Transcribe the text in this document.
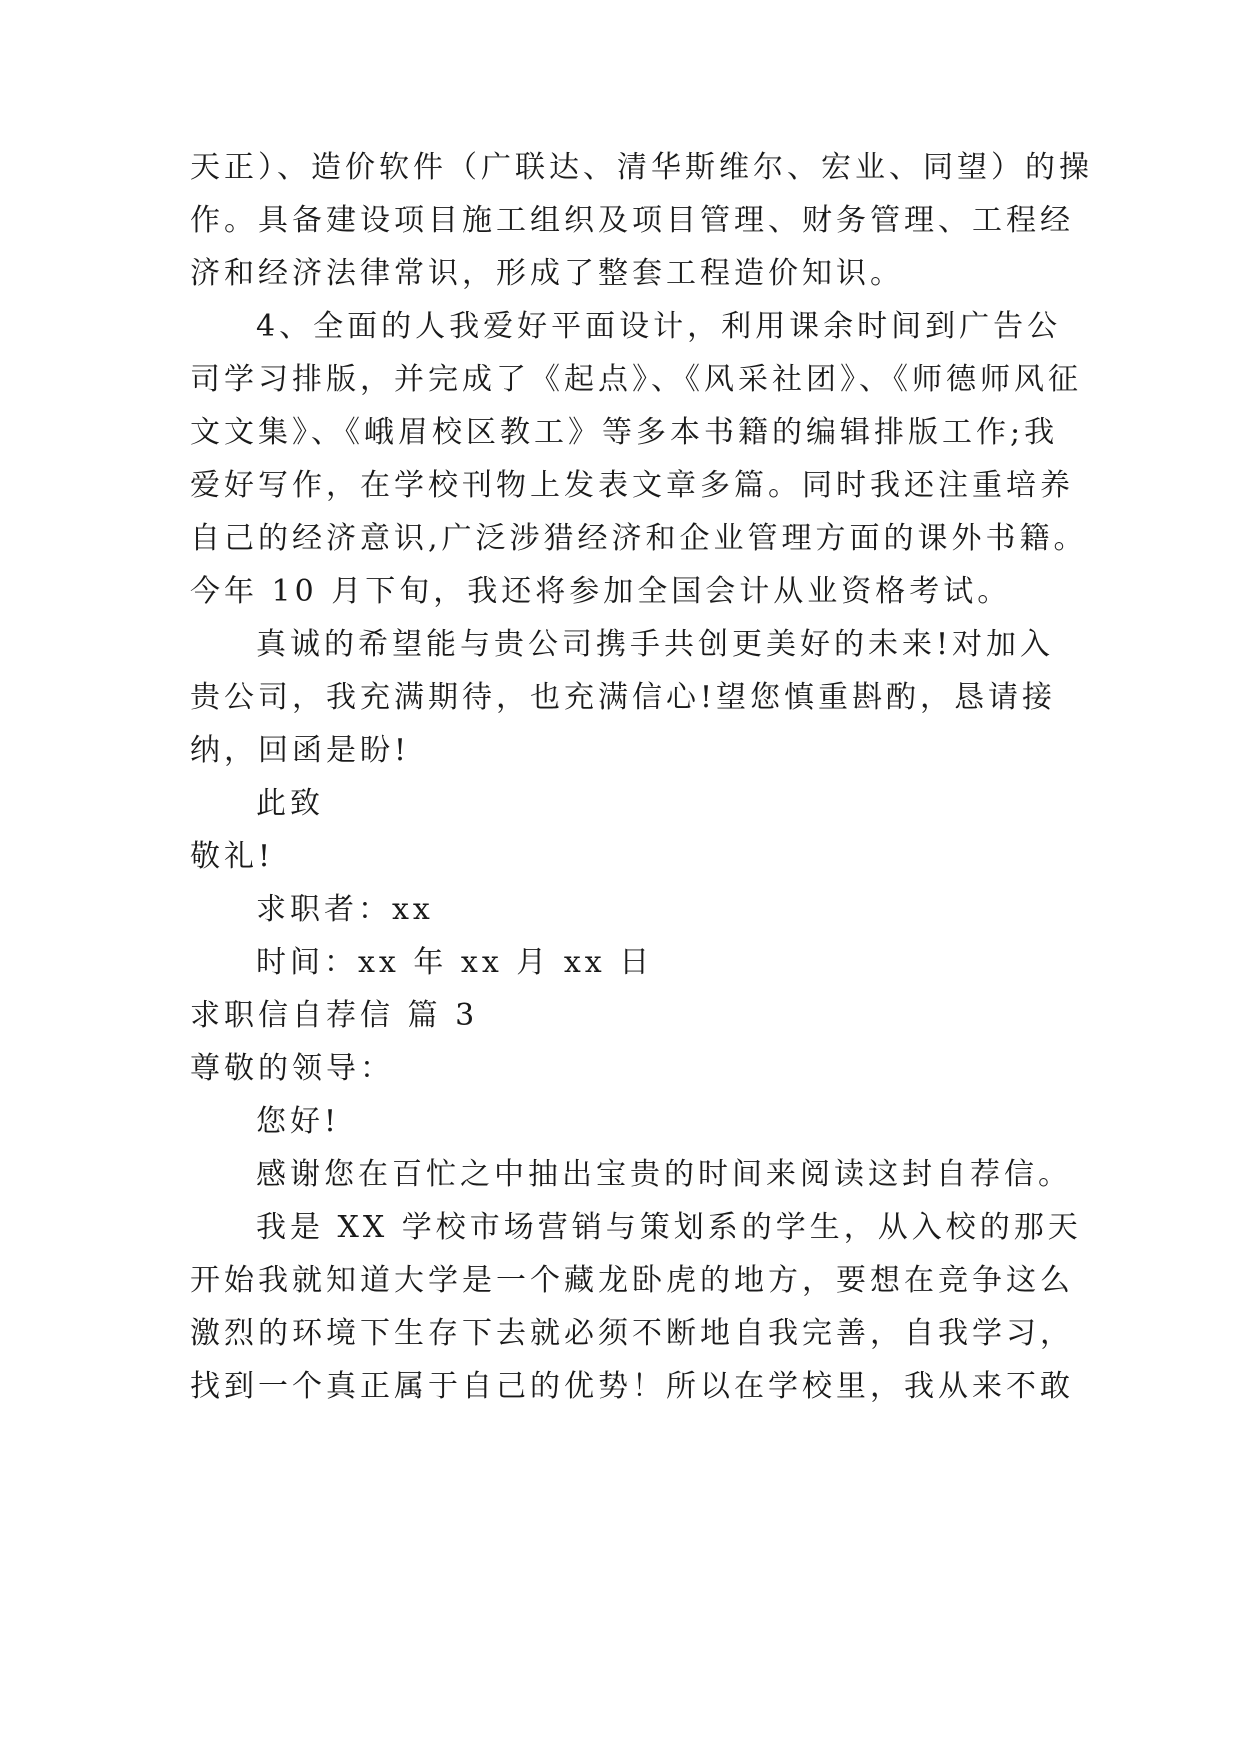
天正）、造价软件（广联达、清华斯维尔、宏业、同望）的操
作。具备建设项目施工组织及项目管理、财务管理、工程经
济和经济法律常识，形成了整套工程造价知识。
4、全面的人我爱好平面设计，利用课余时间到广告公
司学习排版，并完成了《起点》、《风采社团》、《师德师风征
文文集》、《峨眉校区教工》等多本书籍的编辑排版工作;我
爱好写作，在学校刊物上发表文章多篇。同时我还注重培养
自己的经济意识,广泛涉猎经济和企业管理方面的课外书籍。
今年 10 月下旬，我还将参加全国会计从业资格考试。
真诚的希望能与贵公司携手共创更美好的未来!对加入
贵公司，我充满期待，也充满信心!望您慎重斟酌，恳请接
纳，回函是盼!
此致
敬礼!
求职者：xx
时间：xx 年 xx 月 xx 日
求职信自荐信 篇 3
尊敬的领导：
您好!
感谢您在百忙之中抽出宝贵的时间来阅读这封自荐信。
我是 XX 学校市场营销与策划系的学生，从入校的那天
开始我就知道大学是一个藏龙卧虎的地方，要想在竞争这么
激烈的环境下生存下去就必须不断地自我完善，自我学习，
找到一个真正属于自己的优势！所以在学校里，我从来不敢
